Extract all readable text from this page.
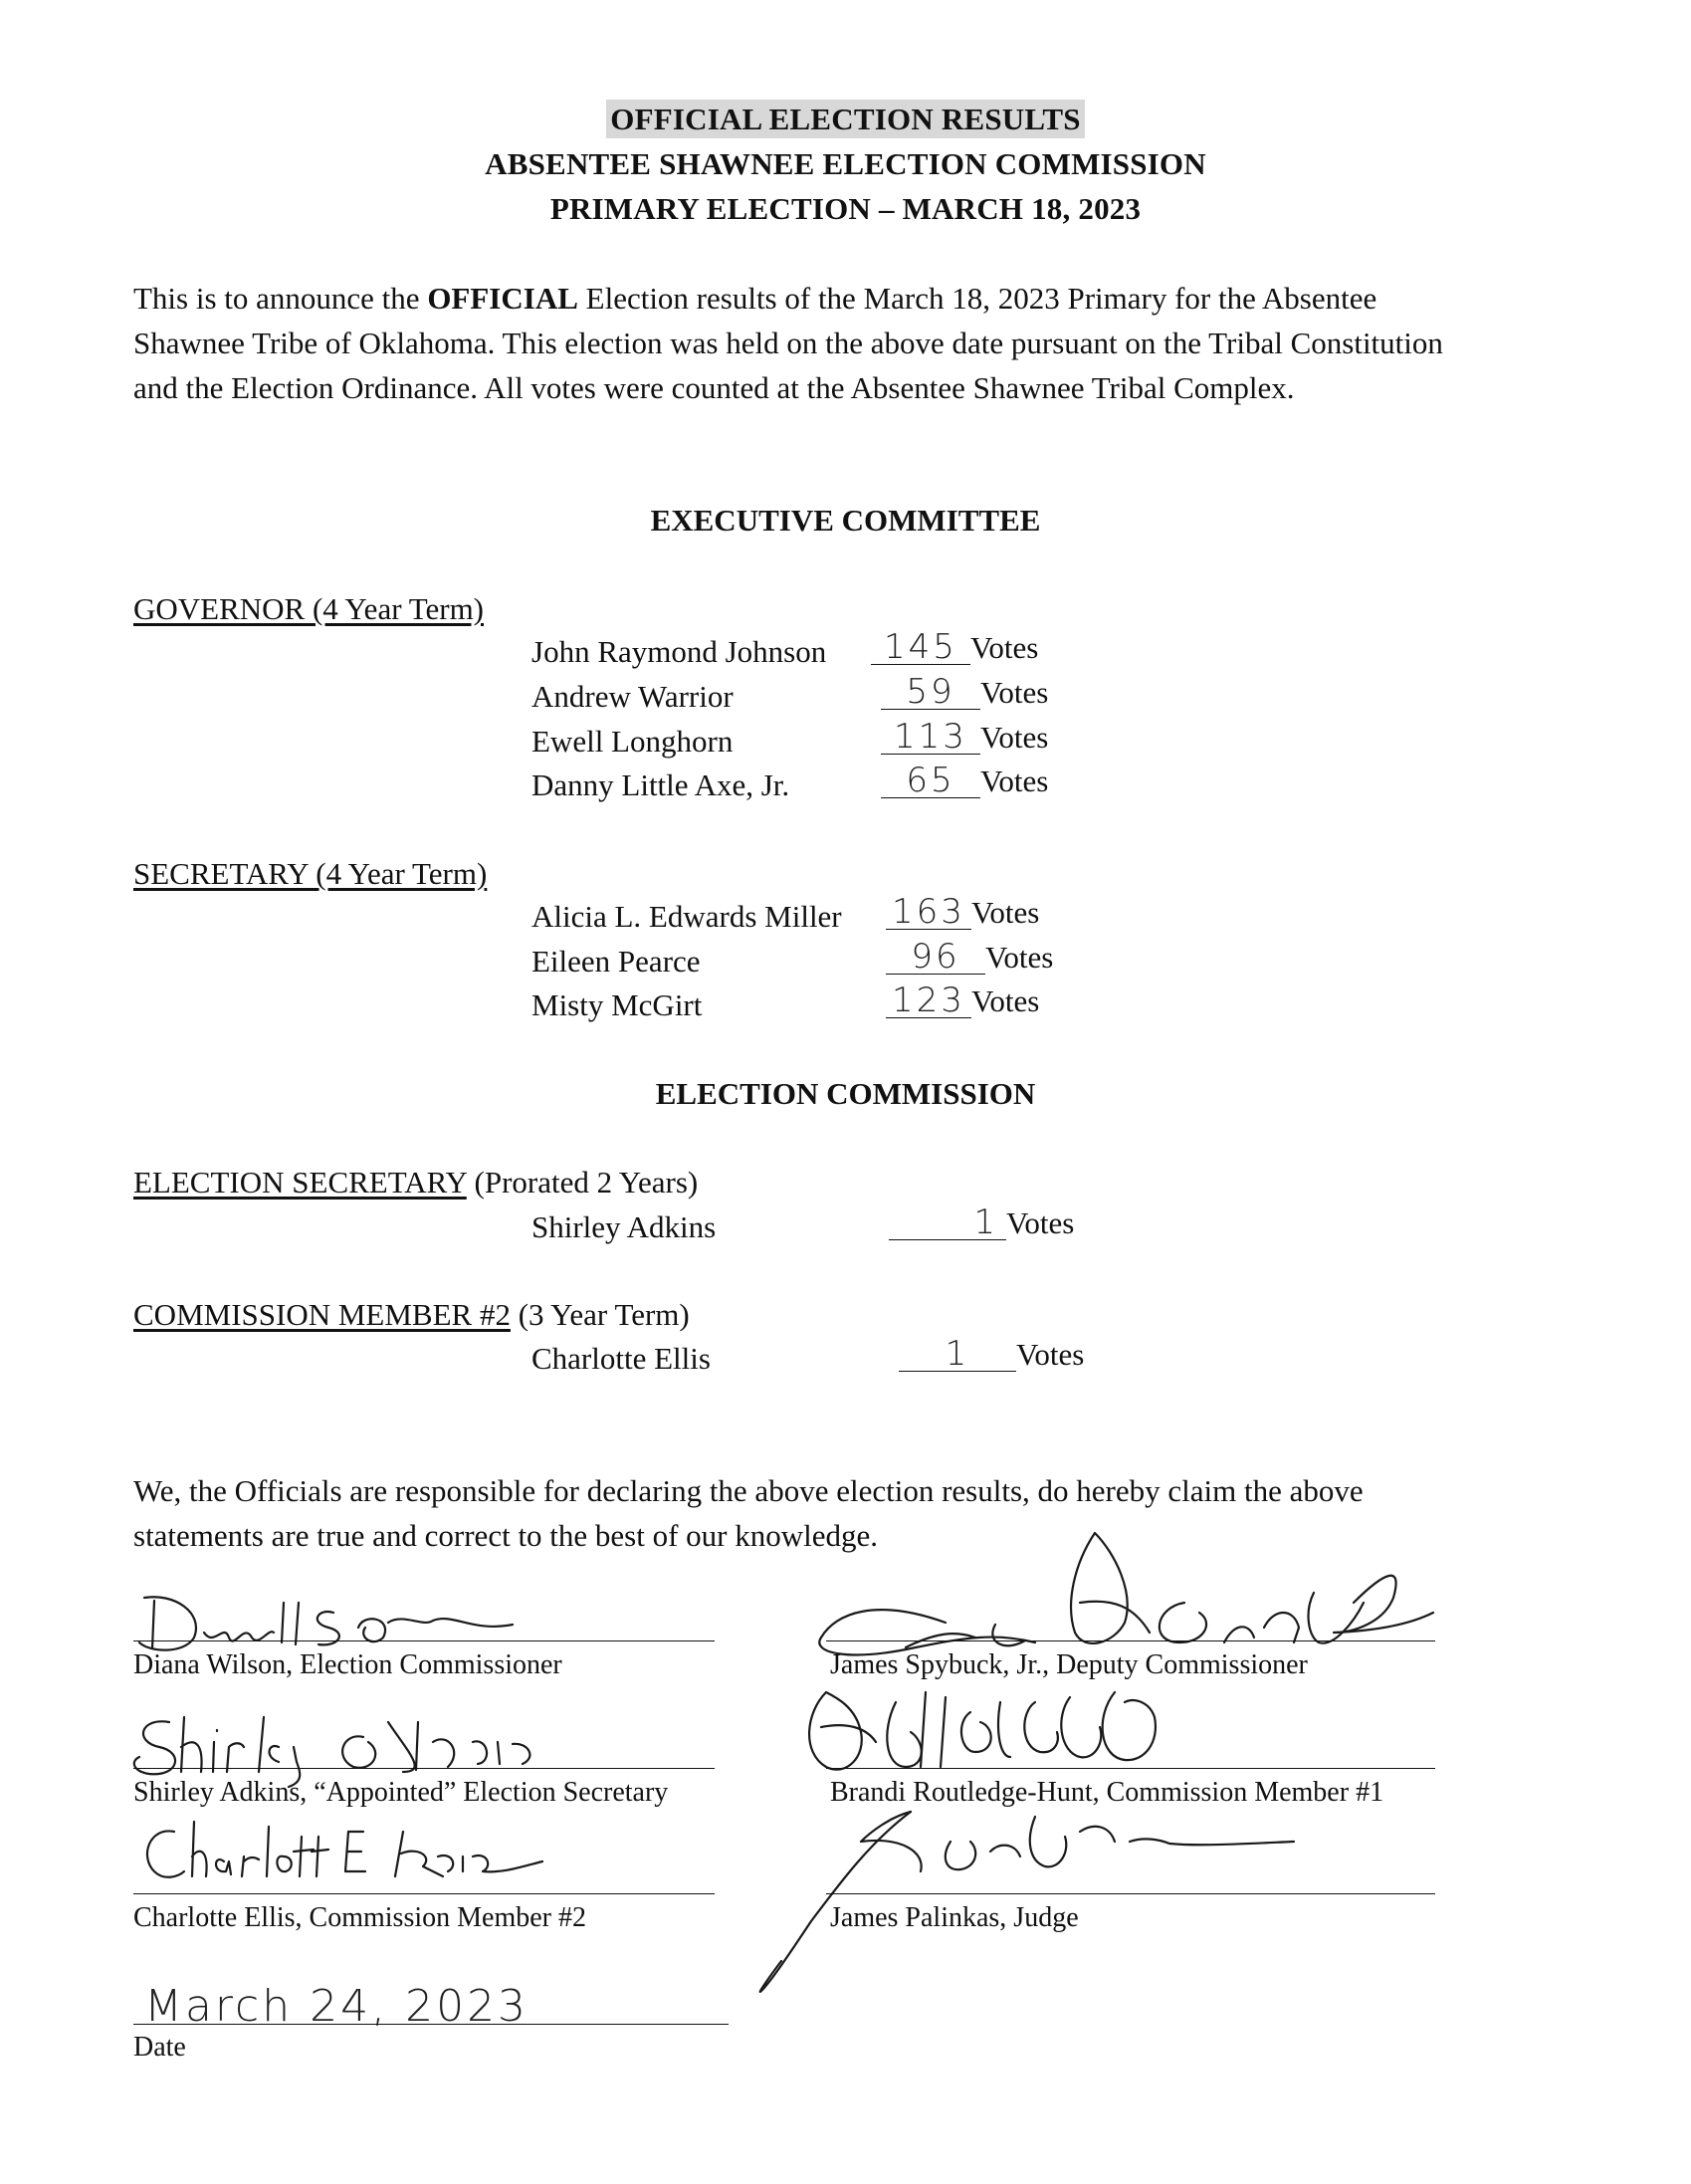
OFFICIAL ELECTION RESULTS
ABSENTEE SHAWNEE ELECTION COMMISSION
PRIMARY ELECTION – MARCH 18, 2023
This is to announce the OFFICIAL Election results of the March 18, 2023 Primary for the Absentee Shawnee Tribe of Oklahoma. This election was held on the above date pursuant on the Tribal Constitution and the Election Ordinance. All votes were counted at the Absentee Shawnee Tribal Complex.
EXECUTIVE COMMITTEE
GOVERNOR (4 Year Term)
John Raymond Johnson	145 Votes
Andrew Warrior	59 Votes
Ewell Longhorn	113 Votes
Danny Little Axe, Jr.	65 Votes
SECRETARY (4 Year Term)
Alicia L. Edwards Miller 163 Votes
Eileen Pearce	96 Votes
Misty McGirt	123 Votes
ELECTION COMMISSION
ELECTION SECRETARY (Prorated 2 Years)
Shirley Adkins	1 Votes
COMMISSION MEMBER #2 (3 Year Term)
Charlotte Ellis	1 Votes
We, the Officials are responsible for declaring the above election results, do hereby claim the above
statements are true and correct to the best of our knowledge.
Diana Wilson, Election Commissioner
Shirley Adkins, “Appointed” Election Secretary
Charlotte Ellis, Commission Member #2
March 24, 2023
Date
James Spybuck, Jr., Deputy Commissioner
Brandi Routledge-Hunt, Commission Member #1
James Palinkas, Judge
